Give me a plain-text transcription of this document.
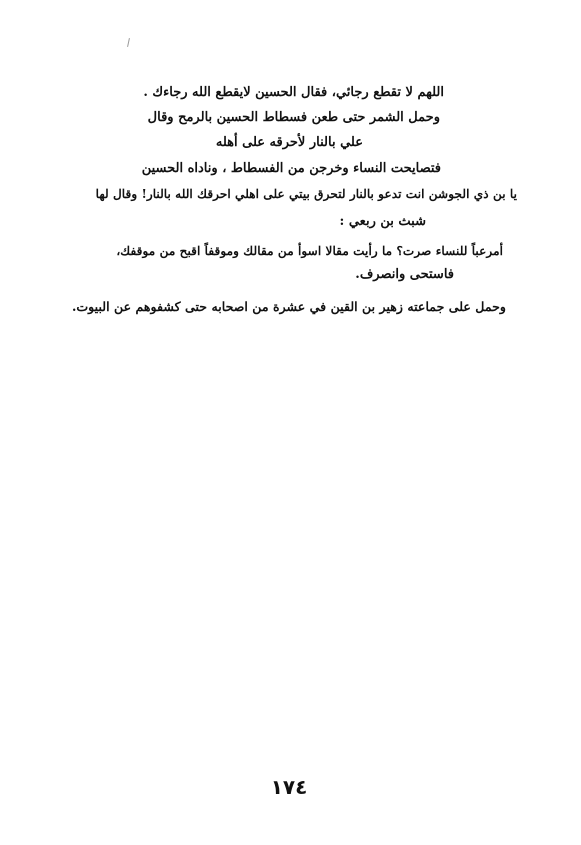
اللهم لا تقطع رجائي، فقال الحسين لايقطع الله رجاءك .
وحمل الشمر حتى طعن فسطاط الحسين بالرمح وقال
علي بالنار لأحرقه على أهله
فتصايحت النساء وخرجن من الفسطاط ، وناداه الحسين
يا بن ذي الجوشن انت تدعو بالنار لتحرق بيتي على اهلي احرقك الله بالنار! وقال لها
شبث بن ربعي :
أمرعباً للنساء صرت؟ ما رأيت مقالا اسوأ من مقالك وموقفاً اقبح من موقفك،
فاستحى وانصرف.
وحمل على جماعته زهير بن القين في عشرة من اصحابه حتى كشفوهم عن البيوت.
١٧٤
